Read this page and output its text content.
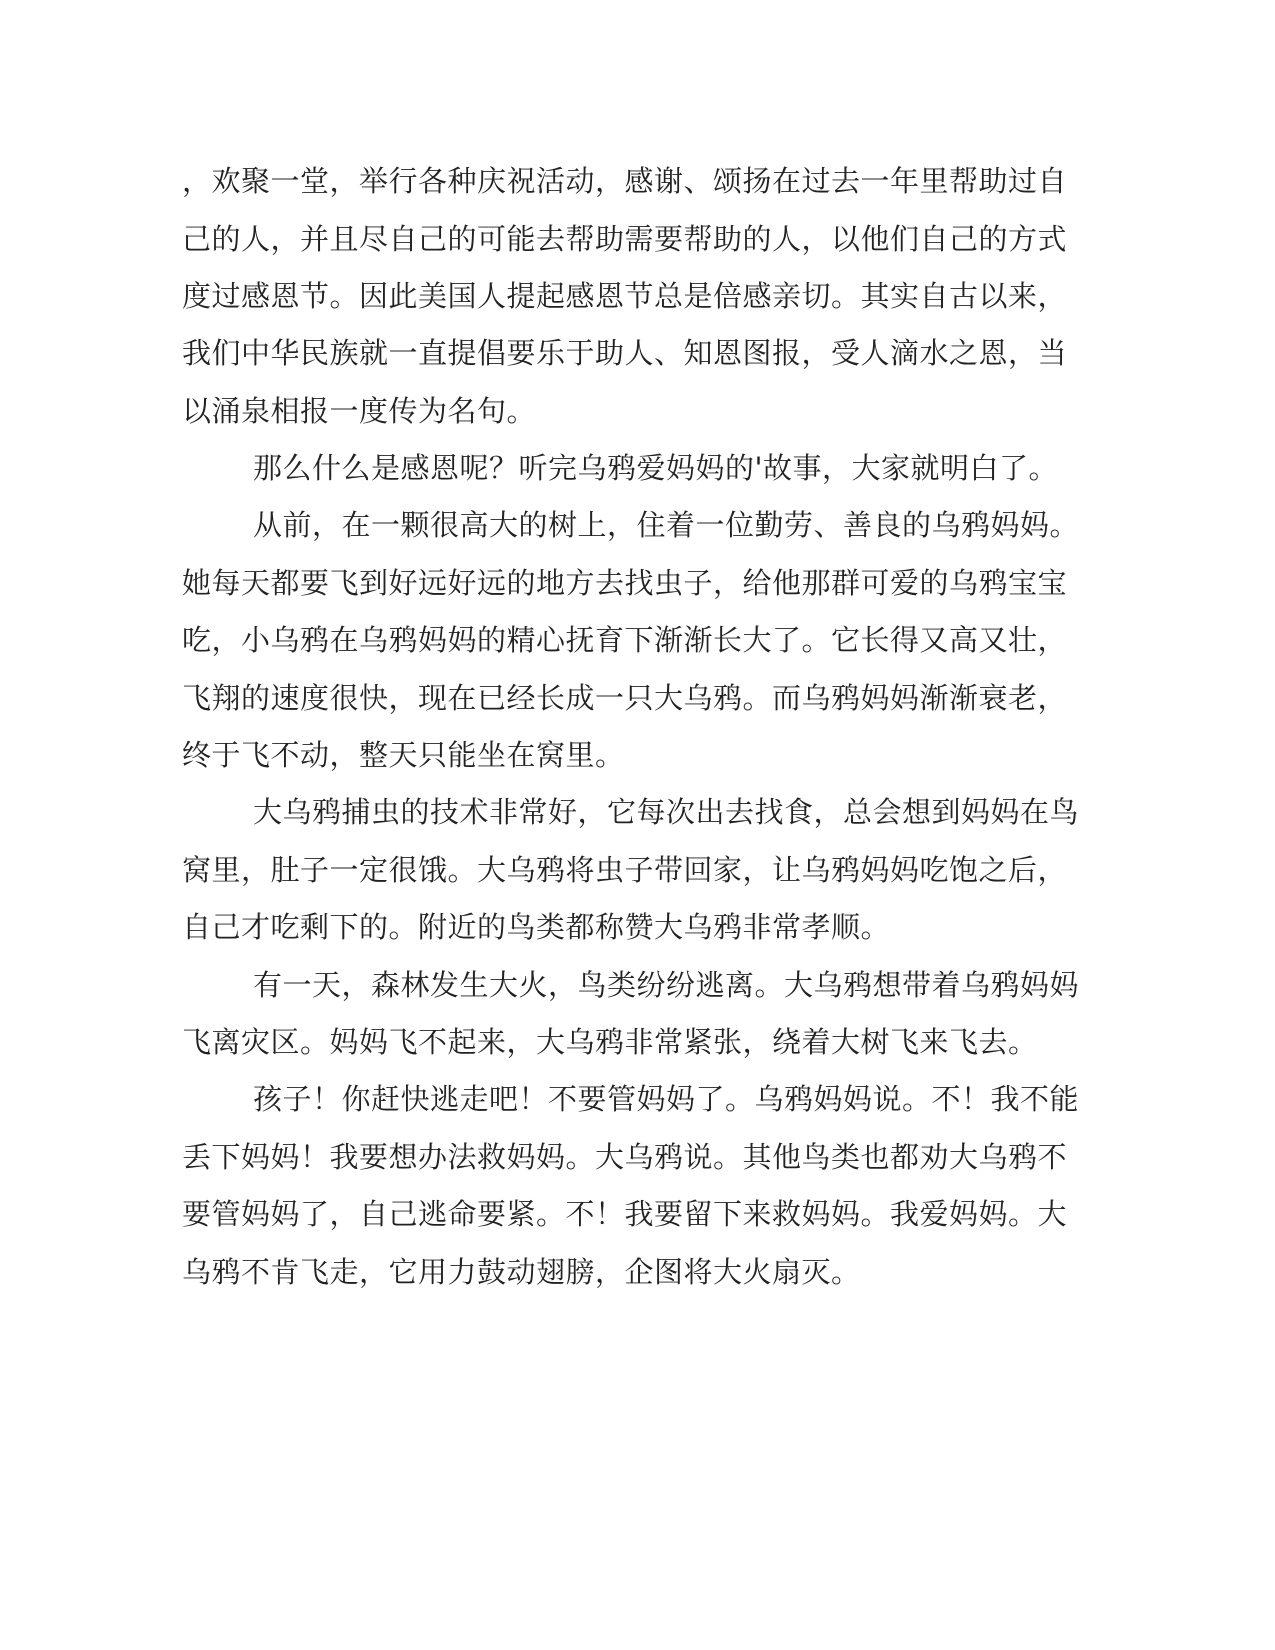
，欢聚一堂，举行各种庆祝活动，感谢、颂扬在过去一年里帮助过自
己的人，并且尽自己的可能去帮助需要帮助的人，以他们自己的方式
度过感恩节。因此美国人提起感恩节总是倍感亲切。其实自古以来，
我们中华民族就一直提倡要乐于助人、知恩图报，受人滴水之恩，当
以涌泉相报一度传为名句。
那么什么是感恩呢？听完乌鸦爱妈妈的'故事，大家就明白了。
从前，在一颗很高大的树上，住着一位勤劳、善良的乌鸦妈妈。
她每天都要飞到好远好远的地方去找虫子，给他那群可爱的乌鸦宝宝
吃，小乌鸦在乌鸦妈妈的精心抚育下渐渐长大了。它长得又高又壮，
飞翔的速度很快，现在已经长成一只大乌鸦。而乌鸦妈妈渐渐衰老，
终于飞不动，整天只能坐在窝里。
大乌鸦捕虫的技术非常好，它每次出去找食，总会想到妈妈在鸟
窝里，肚子一定很饿。大乌鸦将虫子带回家，让乌鸦妈妈吃饱之后，
自己才吃剩下的。附近的鸟类都称赞大乌鸦非常孝顺。
有一天，森林发生大火，鸟类纷纷逃离。大乌鸦想带着乌鸦妈妈
飞离灾区。妈妈飞不起来，大乌鸦非常紧张，绕着大树飞来飞去。
孩子！你赶快逃走吧！不要管妈妈了。乌鸦妈妈说。不！我不能
丢下妈妈！我要想办法救妈妈。大乌鸦说。其他鸟类也都劝大乌鸦不
要管妈妈了，自己逃命要紧。不！我要留下来救妈妈。我爱妈妈。大
乌鸦不肯飞走，它用力鼓动翅膀，企图将大火扇灭。
